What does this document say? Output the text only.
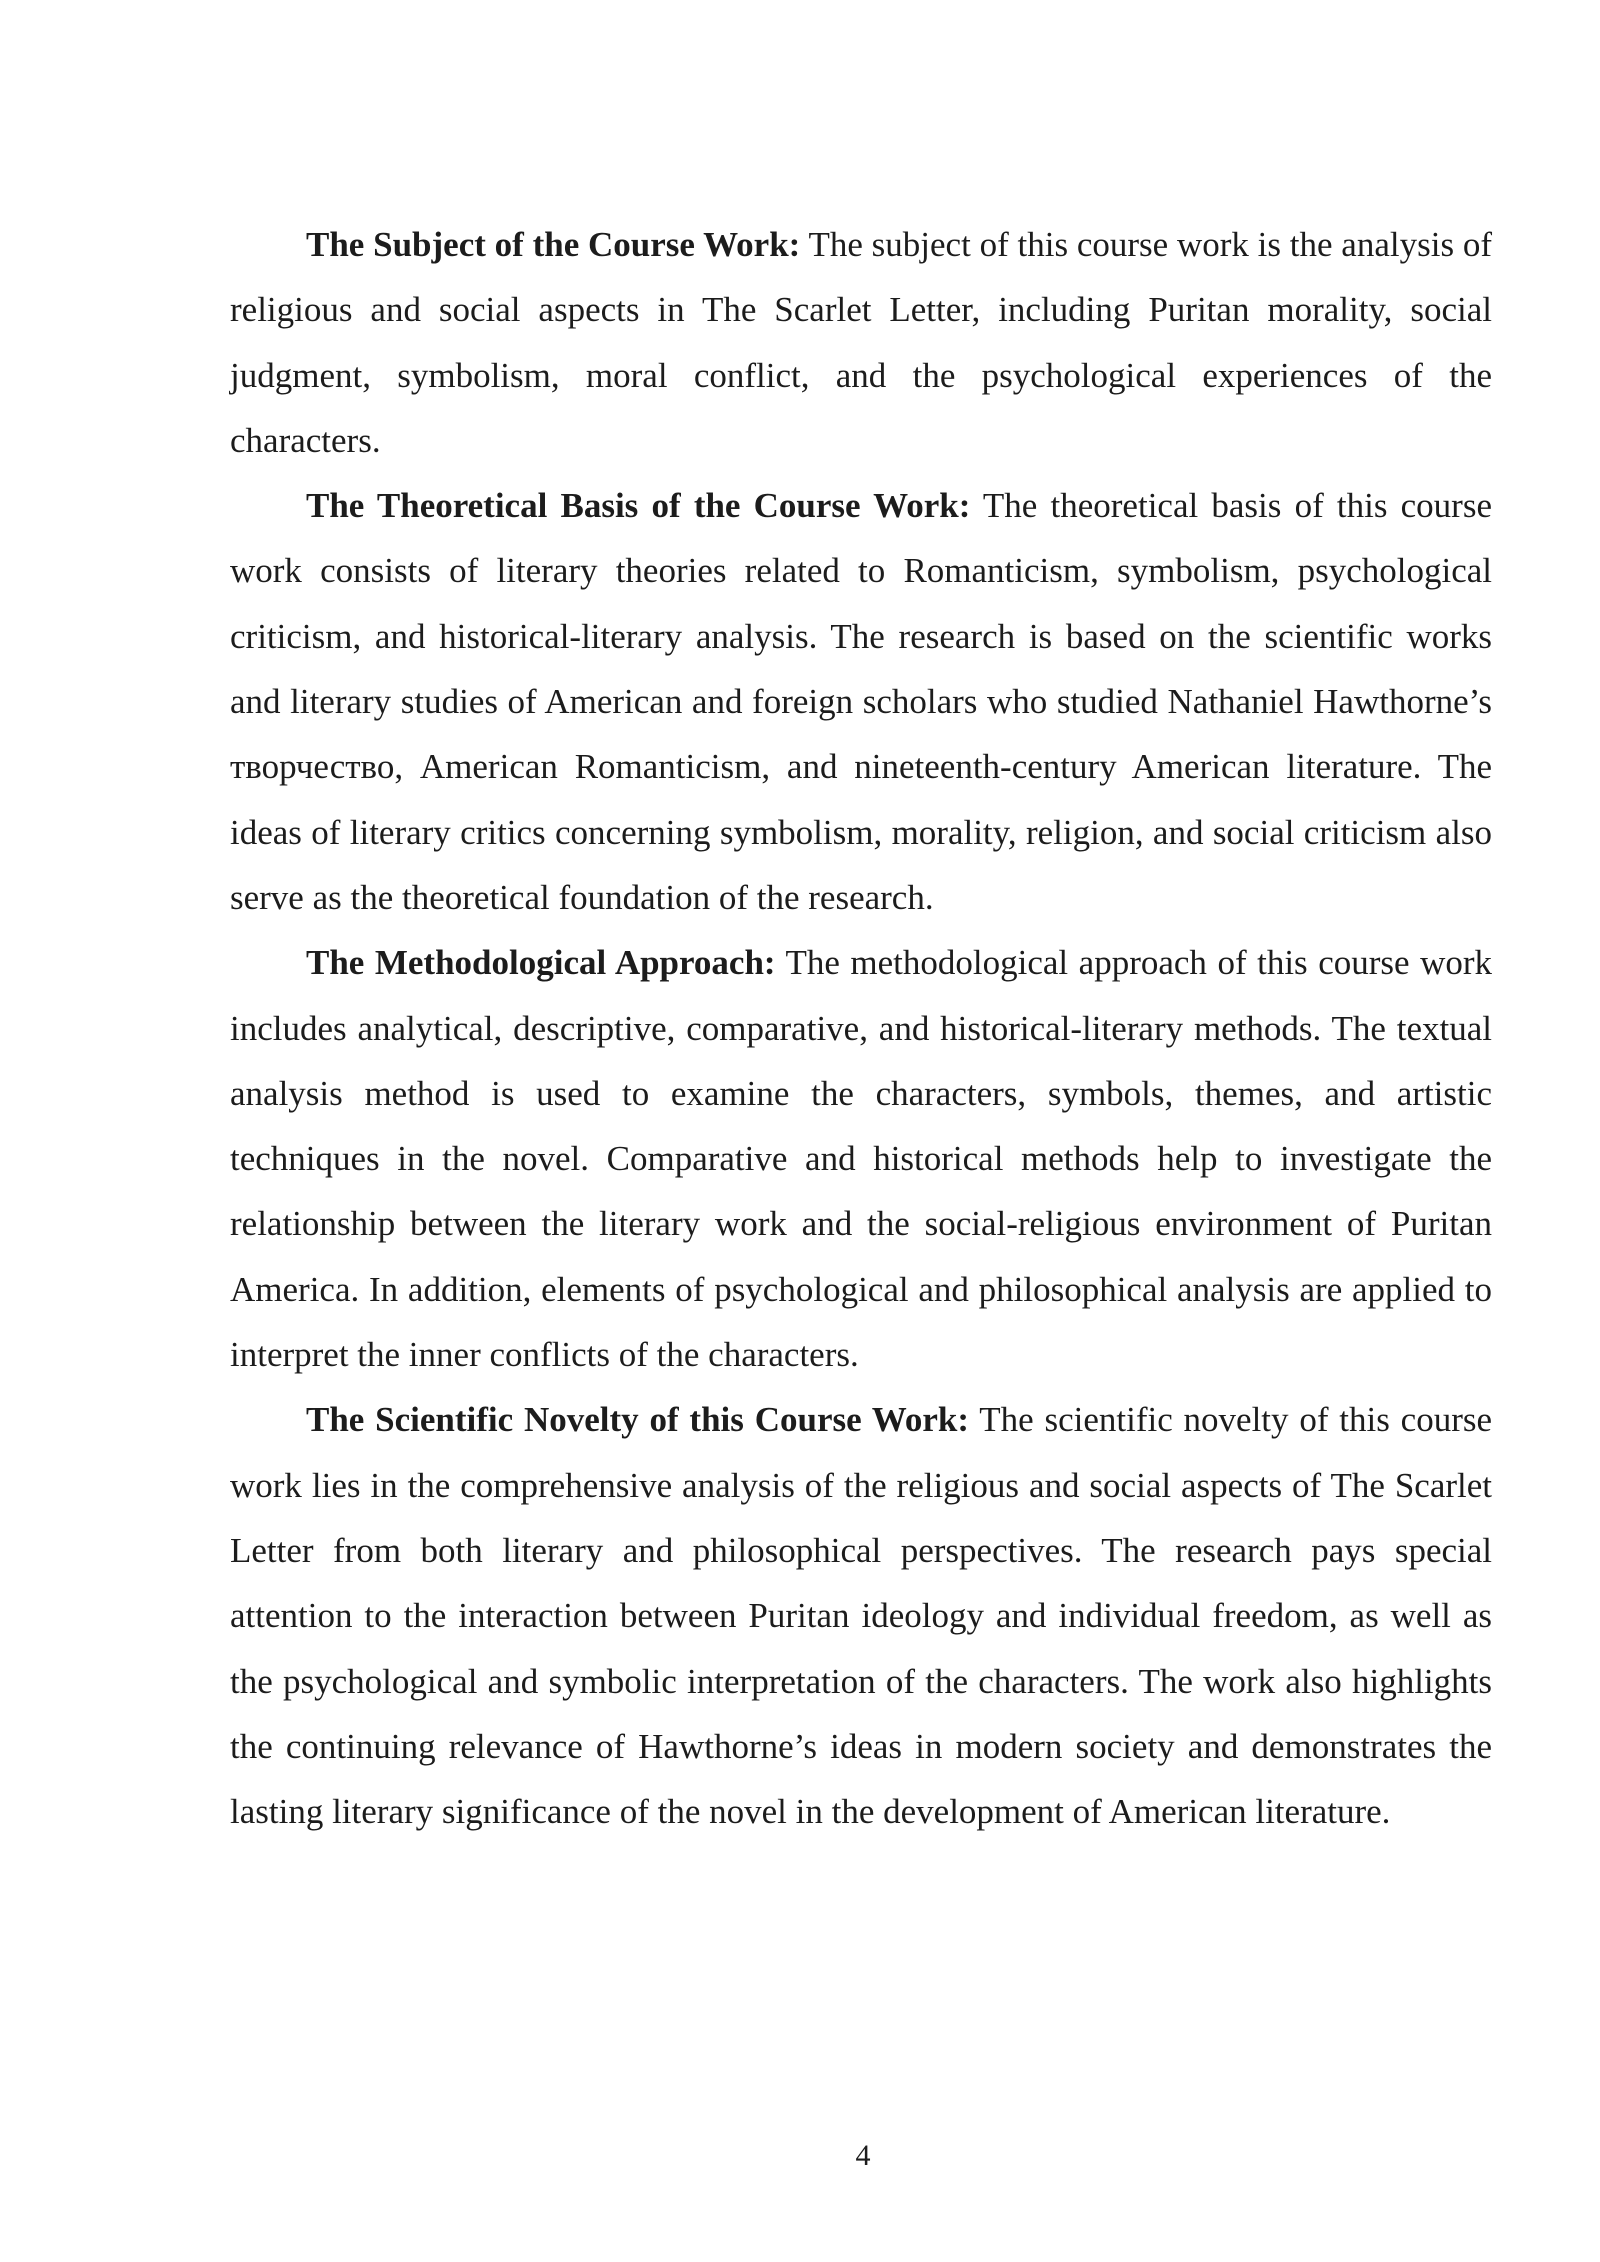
The Subject of the Course Work: The subject of this course work is the analysis of religious and social aspects in The Scarlet Letter, including Puritan morality, social judgment, symbolism, moral conflict, and the psychological experiences of the characters.

The Theoretical Basis of the Course Work: The theoretical basis of this course work consists of literary theories related to Romanticism, symbolism, psychological criticism, and historical-literary analysis. The research is based on the scientific works and literary studies of American and foreign scholars who studied Nathaniel Hawthorne’s творчество, American Romanticism, and nineteenth-century American literature. The ideas of literary critics concerning symbolism, morality, religion, and social criticism also serve as the theoretical foundation of the research.

The Methodological Approach: The methodological approach of this course work includes analytical, descriptive, comparative, and historical-literary methods. The textual analysis method is used to examine the characters, symbols, themes, and artistic techniques in the novel. Comparative and historical methods help to investigate the relationship between the literary work and the social-religious environment of Puritan America. In addition, elements of psychological and philosophical analysis are applied to interpret the inner conflicts of the characters.

The Scientific Novelty of this Course Work: The scientific novelty of this course work lies in the comprehensive analysis of the religious and social aspects of The Scarlet Letter from both literary and philosophical perspectives. The research pays special attention to the interaction between Puritan ideology and individual freedom, as well as the psychological and symbolic interpretation of the characters. The work also highlights the continuing relevance of Hawthorne’s ideas in modern society and demonstrates the lasting literary significance of the novel in the development of American literature.

4
